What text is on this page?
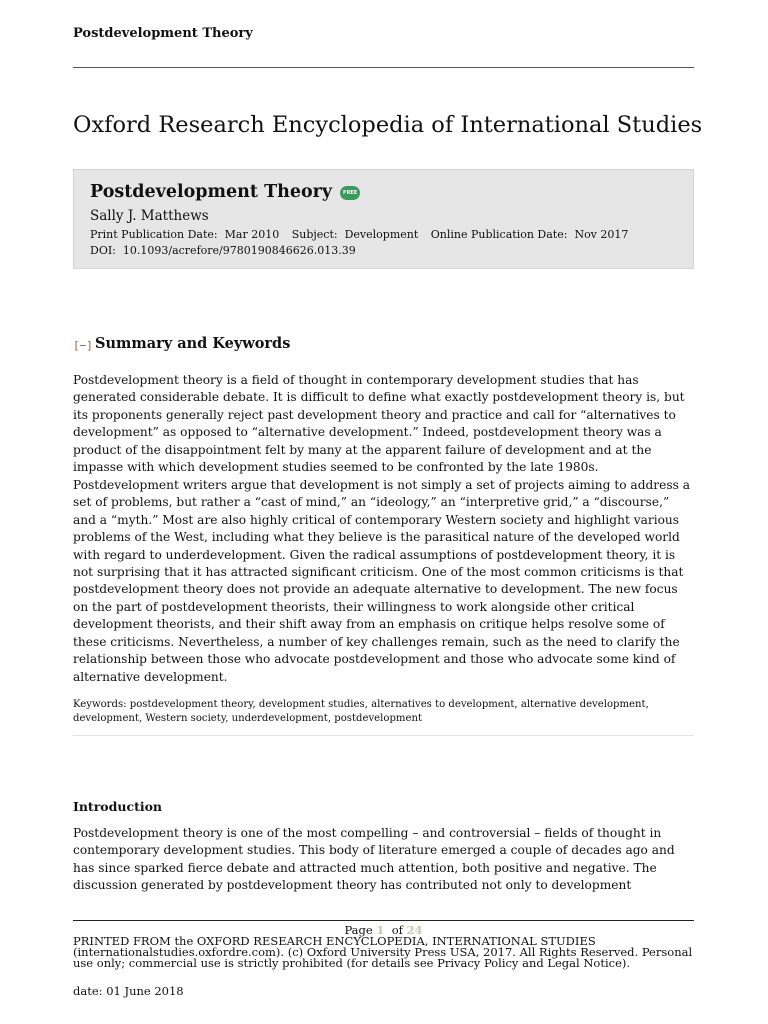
Postdevelopment Theory
Oxford Research Encyclopedia of International Studies
Postdevelopment Theory FREE
Sally J. Matthews
Print Publication Date: Mar 2010 Subject: Development Online Publication Date: Nov 2017
DOI: 10.1093/acrefore/9780190846626.013.39
[−] Summary and Keywords

Postdevelopment theory is a field of thought in contemporary development studies that has generated considerable debate. It is difficult to define what exactly postdevelopment theory is, but its proponents generally reject past development theory and practice and call for “alternatives to development” as opposed to “alternative development.” Indeed, postdevelopment theory was a product of the disappointment felt by many at the apparent failure of development and at the impasse with which development studies seemed to be confronted by the late 1980s. Postdevelopment writers argue that development is not simply a set of projects aiming to address a set of problems, but rather a “cast of mind,” an “ideology,” an “interpretive grid,” a “discourse,” and a “myth.” Most are also highly critical of contemporary Western society and highlight various problems of the West, including what they believe is the parasitical nature of the developed world with regard to underdevelopment. Given the radical assumptions of postdevelopment theory, it is not surprising that it has attracted significant criticism. One of the most common criticisms is that postdevelopment theory does not provide an adequate alternative to development. The new focus on the part of postdevelopment theorists, their willingness to work alongside other critical development theorists, and their shift away from an emphasis on critique helps resolve some of these criticisms. Nevertheless, a number of key challenges remain, such as the need to clarify the relationship between those who advocate postdevelopment and those who advocate some kind of alternative development.

Keywords: postdevelopment theory, development studies, alternatives to development, alternative development, development, Western society, underdevelopment, postdevelopment
Introduction

Postdevelopment theory is one of the most compelling – and controversial – fields of thought in contemporary development studies. This body of literature emerged a couple of decades ago and has since sparked fierce debate and attracted much attention, both positive and negative. The discussion generated by postdevelopment theory has contributed not only to development

Page 1 of 24
PRINTED FROM the OXFORD RESEARCH ENCYCLOPEDIA, INTERNATIONAL STUDIES (internationalstudies.oxfordre.com). (c) Oxford University Press USA, 2017. All Rights Reserved. Personal use only; commercial use is strictly prohibited (for details see Privacy Policy and Legal Notice).
date: 01 June 2018
